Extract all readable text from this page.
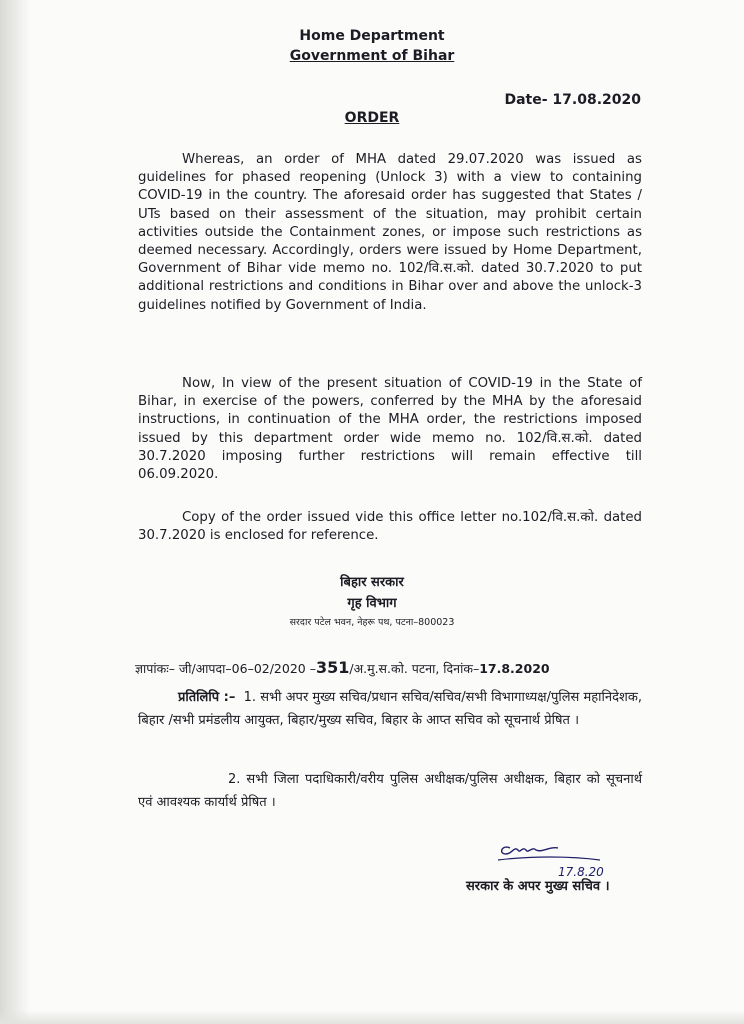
Home Department
Government of Bihar
Date- 17.08.2020
ORDER

Whereas, an order of MHA dated 29.07.2020 was issued as guidelines for phased reopening (Unlock 3) with a view to containing COVID-19 in the country. The aforesaid order has suggested that States / UTs based on their assessment of the situation, may prohibit certain activities outside the Containment zones, or impose such restrictions as deemed necessary. Accordingly, orders were issued by Home Department, Government of Bihar vide memo no. 102/वि.स.को. dated 30.7.2020 to put additional restrictions and conditions in Bihar over and above the unlock-3 guidelines notified by Government of India.

Now, In view of the present situation of COVID-19 in the State of Bihar, in exercise of the powers, conferred by the MHA by the aforesaid instructions, in continuation of the MHA order, the restrictions imposed issued by this department order wide memo no. 102/वि.स.को. dated 30.7.2020 imposing further restrictions will remain effective till 06.09.2020.

Copy of the order issued vide this office letter no.102/वि.स.को. dated 30.7.2020 is enclosed for reference.

बिहार सरकार
गृह विभाग
सरदार पटेल भवन, नेहरू पथ, पटना–800023
ज्ञापांकः– जी/आपदा–06–02/2020 –351/अ.मु.स.को. पटना, दिनांक–17.8.2020

प्रतिलिपि :– 1. सभी अपर मुख्य सचिव/प्रधान सचिव/सचिव/सभी विभागाध्यक्ष/पुलिस महानिदेशक, बिहार /सभी प्रमंडलीय आयुक्त, बिहार/मुख्य सचिव, बिहार के आप्त सचिव को सूचनार्थ प्रेषित ।

2. सभी जिला पदाधिकारी/वरीय पुलिस अधीक्षक/पुलिस अधीक्षक, बिहार को सूचनार्थ एवं आवश्यक कार्यार्थ प्रेषित ।

17.8.20
सरकार के अपर मुख्य सचिव ।
